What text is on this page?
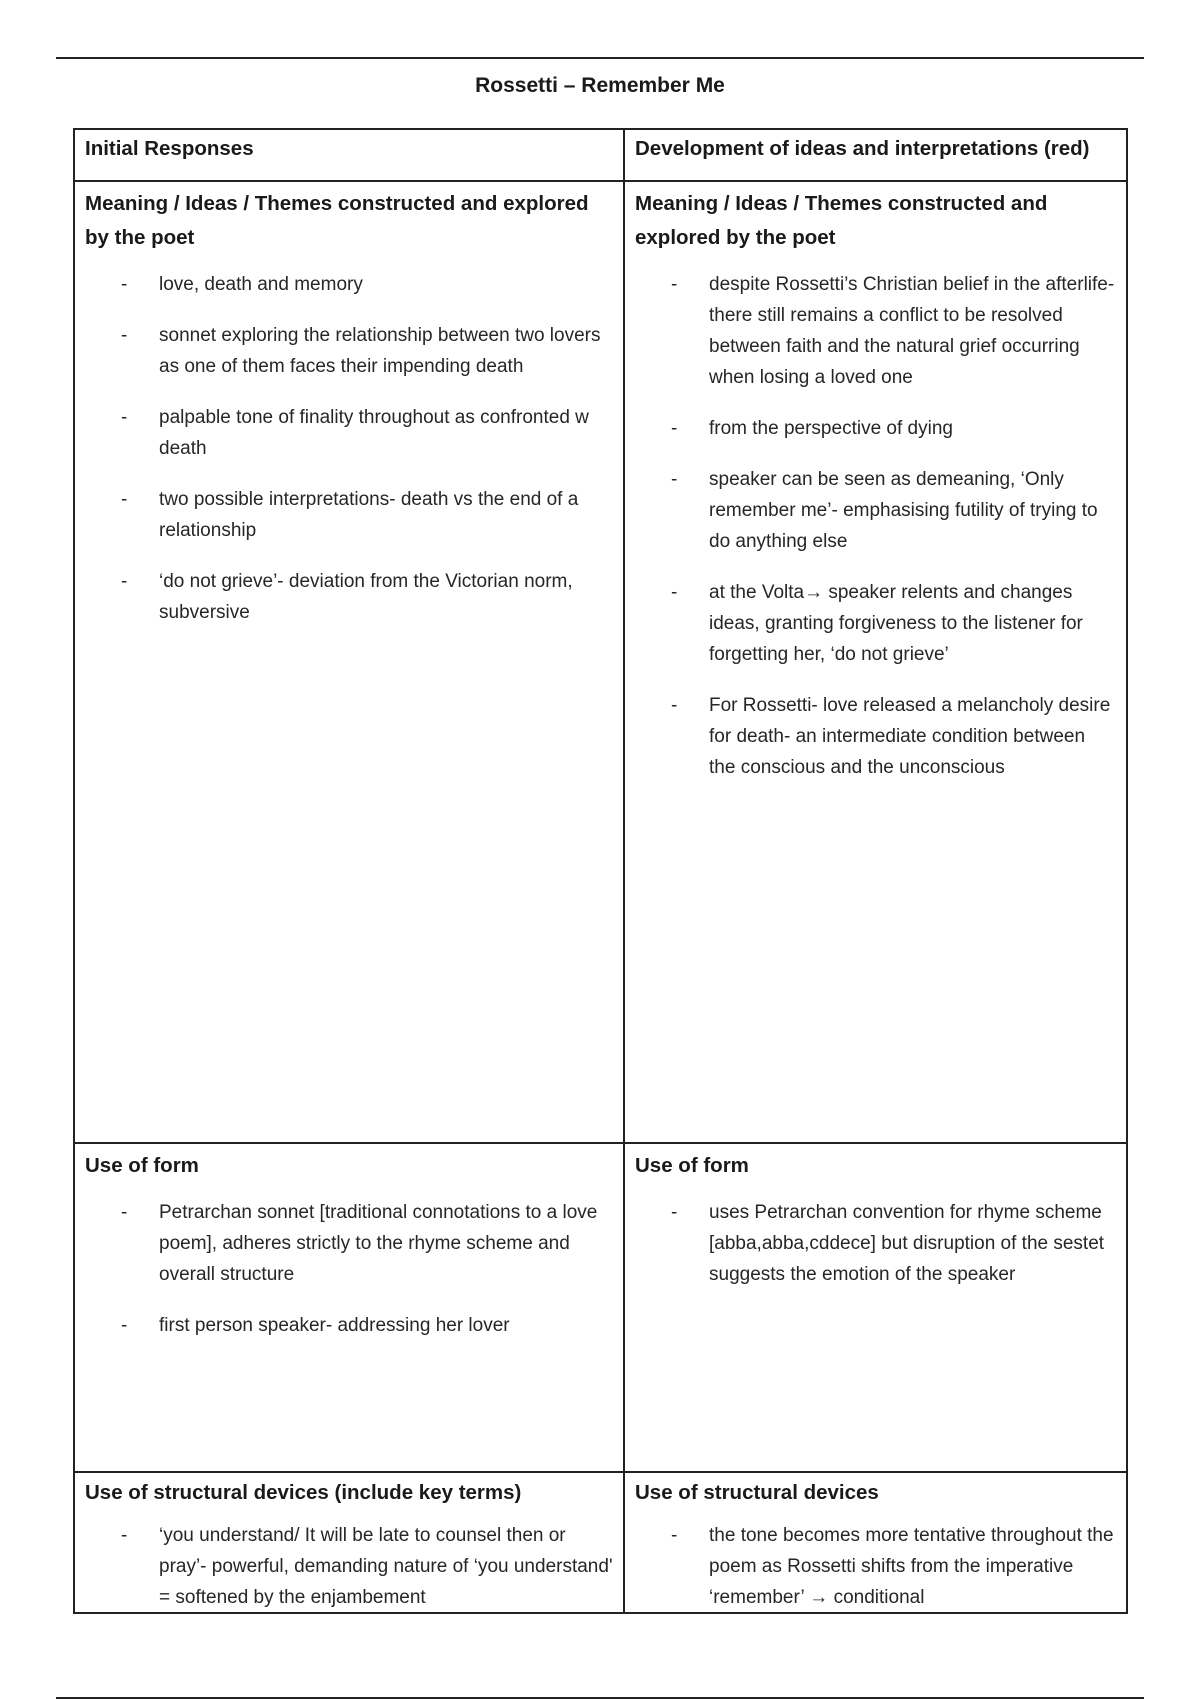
Rossetti – Remember Me
Initial Responses	Development of ideas and interpretations (red)
Meaning / Ideas / Themes constructed and explored by the poet
- love, death and memory
- sonnet exploring the relationship between two lovers as one of them faces their impending death
- palpable tone of finality throughout as confronted w death
- two possible interpretations- death vs the end of a relationship
- ‘do not grieve’- deviation from the Victorian norm, subversive
Meaning / Ideas / Themes constructed and explored by the poet
- despite Rossetti’s Christian belief in the afterlife- there still remains a conflict to be resolved between faith and the natural grief occurring when losing a loved one
- from the perspective of dying
- speaker can be seen as demeaning, ‘Only remember me’- emphasising futility of trying to do anything else
- at the Volta→ speaker relents and changes ideas, granting forgiveness to the listener for forgetting her, ‘do not grieve’
- For Rossetti- love released a melancholy desire for death- an intermediate condition between the conscious and the unconscious
Use of form
- Petrarchan sonnet [traditional connotations to a love poem], adheres strictly to the rhyme scheme and overall structure
- first person speaker- addressing her lover
Use of form
- uses Petrarchan convention for rhyme scheme [abba,abba,cddece] but disruption of the sestet suggests the emotion of the speaker
Use of structural devices (include key terms)
- ‘you understand/ It will be late to counsel then or pray’- powerful, demanding nature of ‘you understand' = softened by the enjambement
Use of structural devices
- the tone becomes more tentative throughout the poem as Rossetti shifts from the imperative ‘remember’ → conditional
